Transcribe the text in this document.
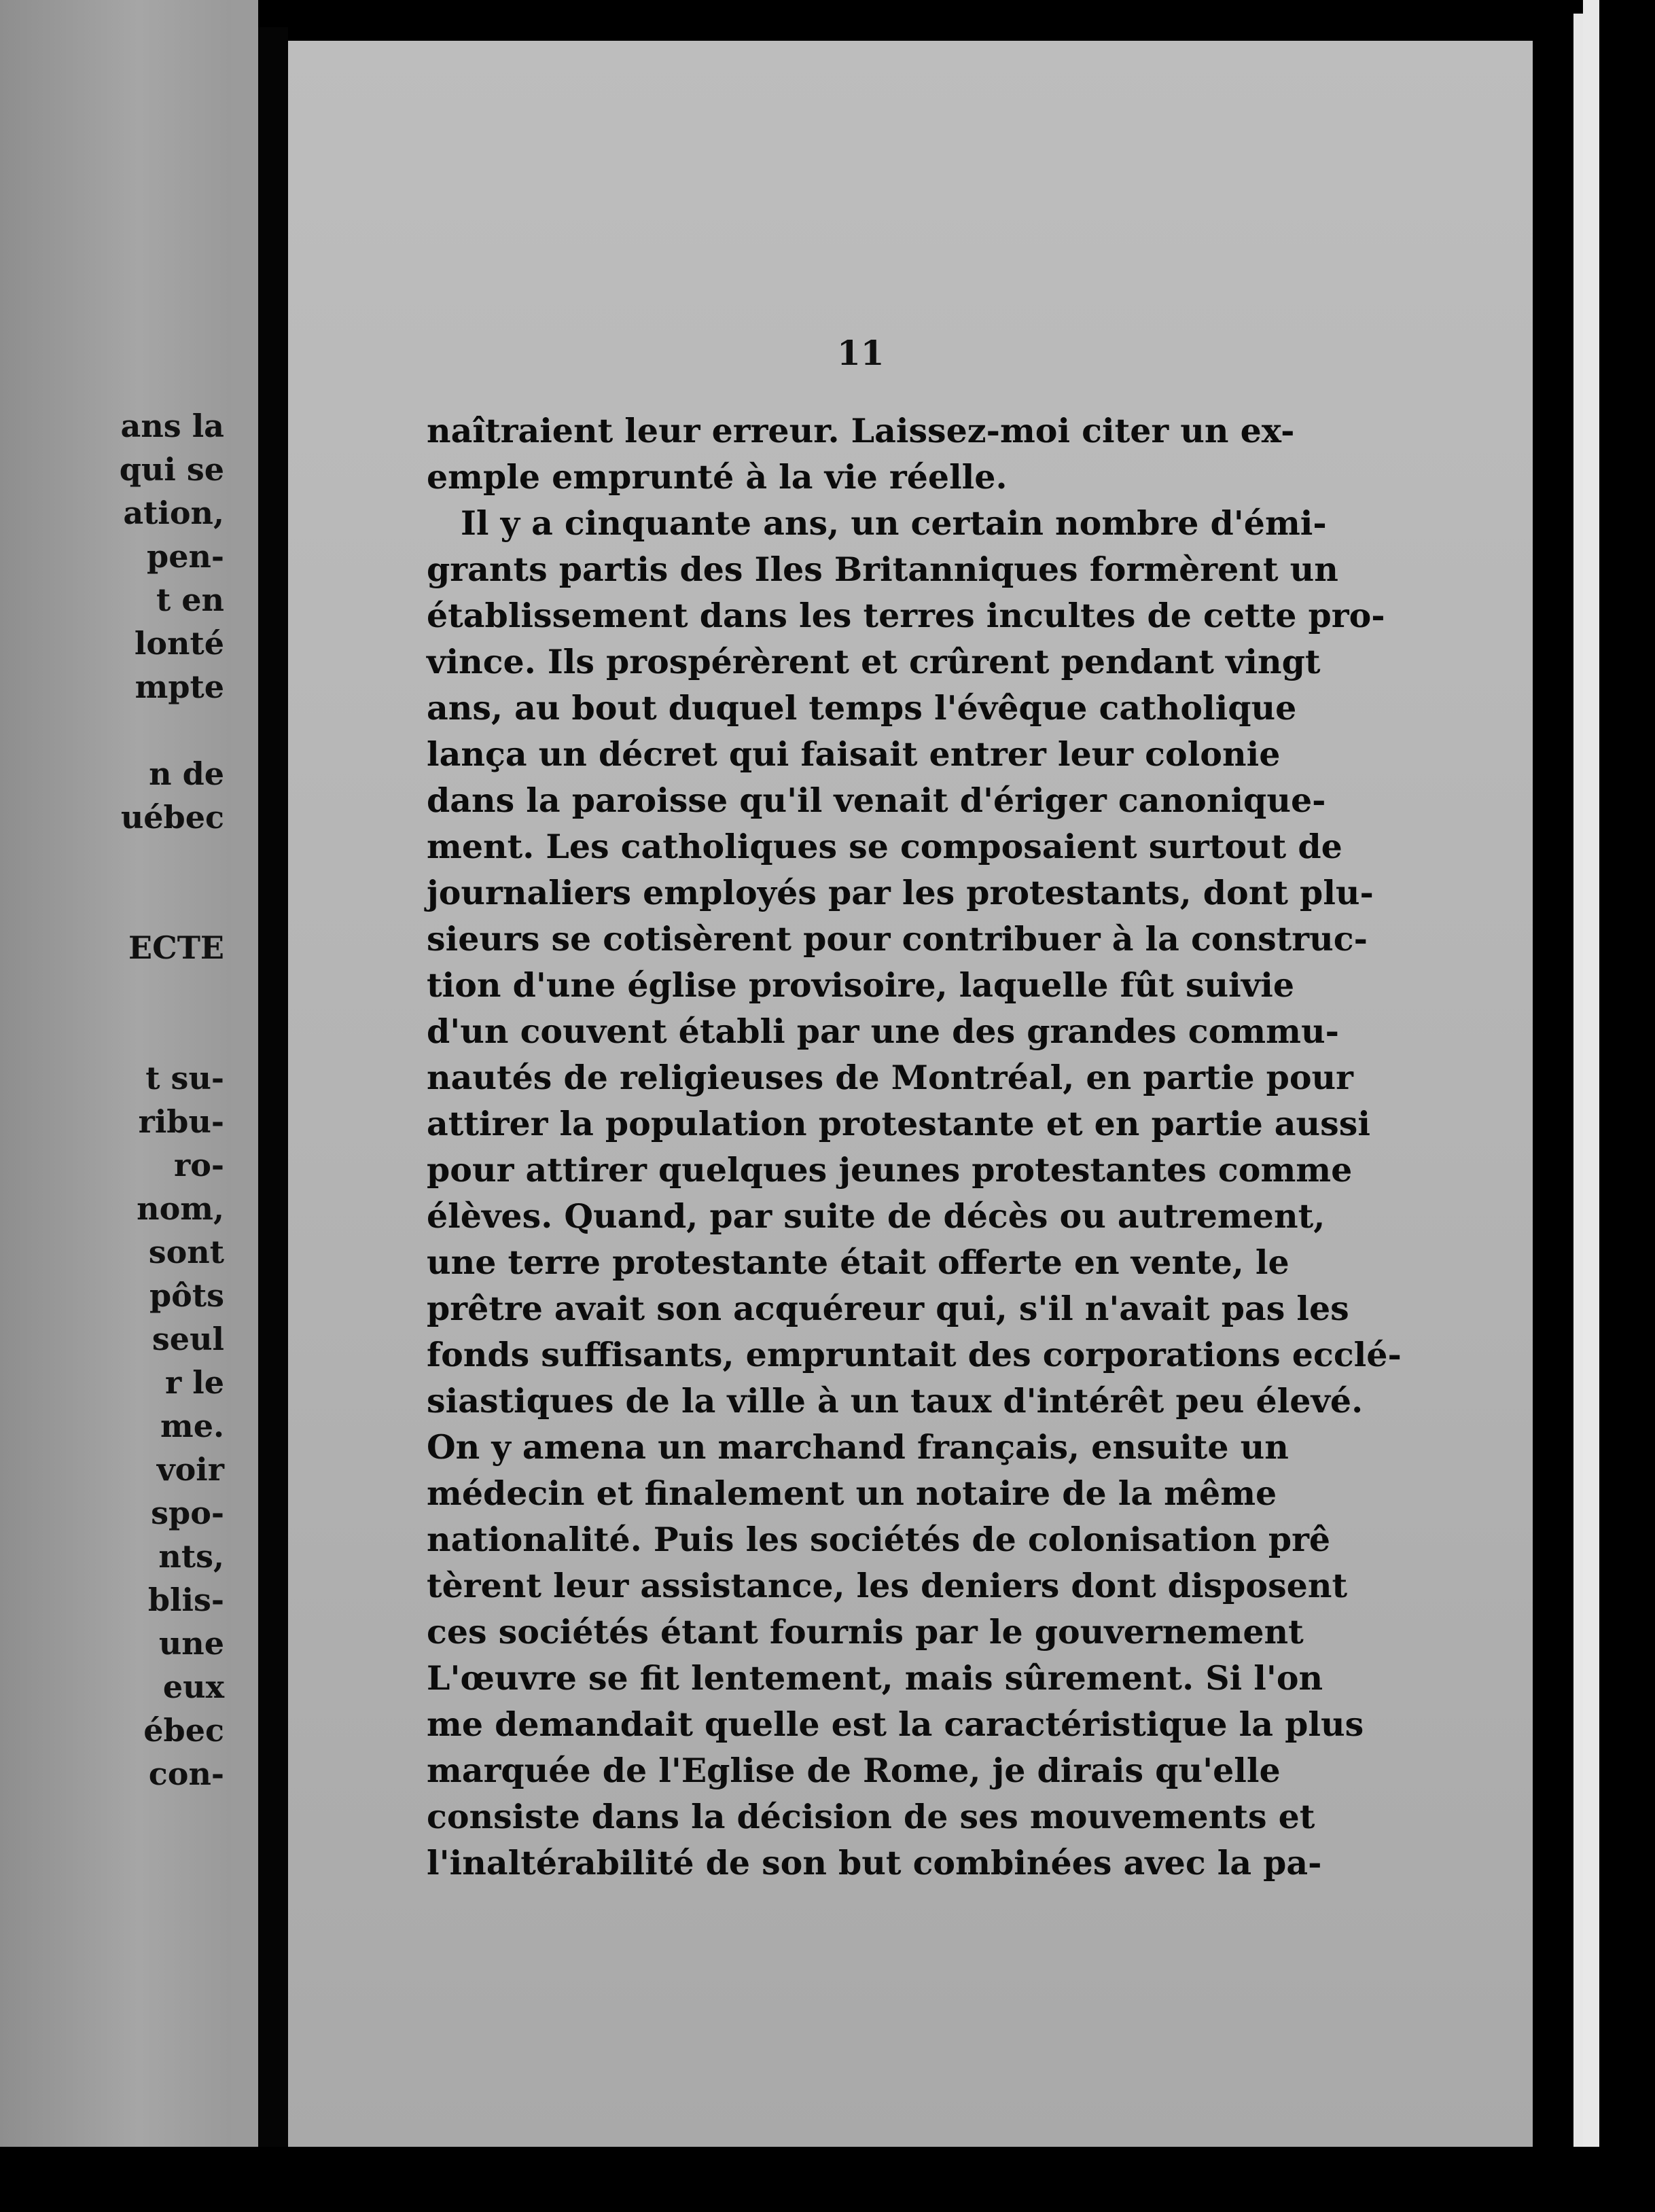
ans la
qui se
ation,
pen-
t en
lonté
mpte
n de
uébec
ECTE
t su-
ribu-
ro-
nom,
sont
pôts
seul
r le
me.
voir
spo-
nts,
blis-
une
eux
ébec
con-
11
naîtraient leur erreur. Laissez-moi citer un ex-
emple emprunté à la vie réelle.
Il y a cinquante ans, un certain nombre d'émi-
grants partis des Iles Britanniques formèrent un
établissement dans les terres incultes de cette pro-
vince. Ils prospérèrent et crûrent pendant vingt
ans, au bout duquel temps l'évêque catholique
lança un décret qui faisait entrer leur colonie
dans la paroisse qu'il venait d'ériger canonique-
ment. Les catholiques se composaient surtout de
journaliers employés par les protestants, dont plu-
sieurs se cotisèrent pour contribuer à la construc-
tion d'une église provisoire, laquelle fût suivie
d'un couvent établi par une des grandes commu-
nautés de religieuses de Montréal, en partie pour
attirer la population protestante et en partie aussi
pour attirer quelques jeunes protestantes comme
élèves. Quand, par suite de décès ou autrement,
une terre protestante était offerte en vente, le
prêtre avait son acquéreur qui, s'il n'avait pas les
fonds suffisants, empruntait des corporations ecclé-
siastiques de la ville à un taux d'intérêt peu élevé.
On y amena un marchand français, ensuite un
médecin et finalement un notaire de la même
nationalité. Puis les sociétés de colonisation prê
tèrent leur assistance, les deniers dont disposent
ces sociétés étant fournis par le gouvernement
L'œuvre se fit lentement, mais sûrement. Si l'on
me demandait quelle est la caractéristique la plus
marquée de l'Eglise de Rome, je dirais qu'elle
consiste dans la décision de ses mouvements et
l'inaltérabilité de son but combinées avec la pa-
